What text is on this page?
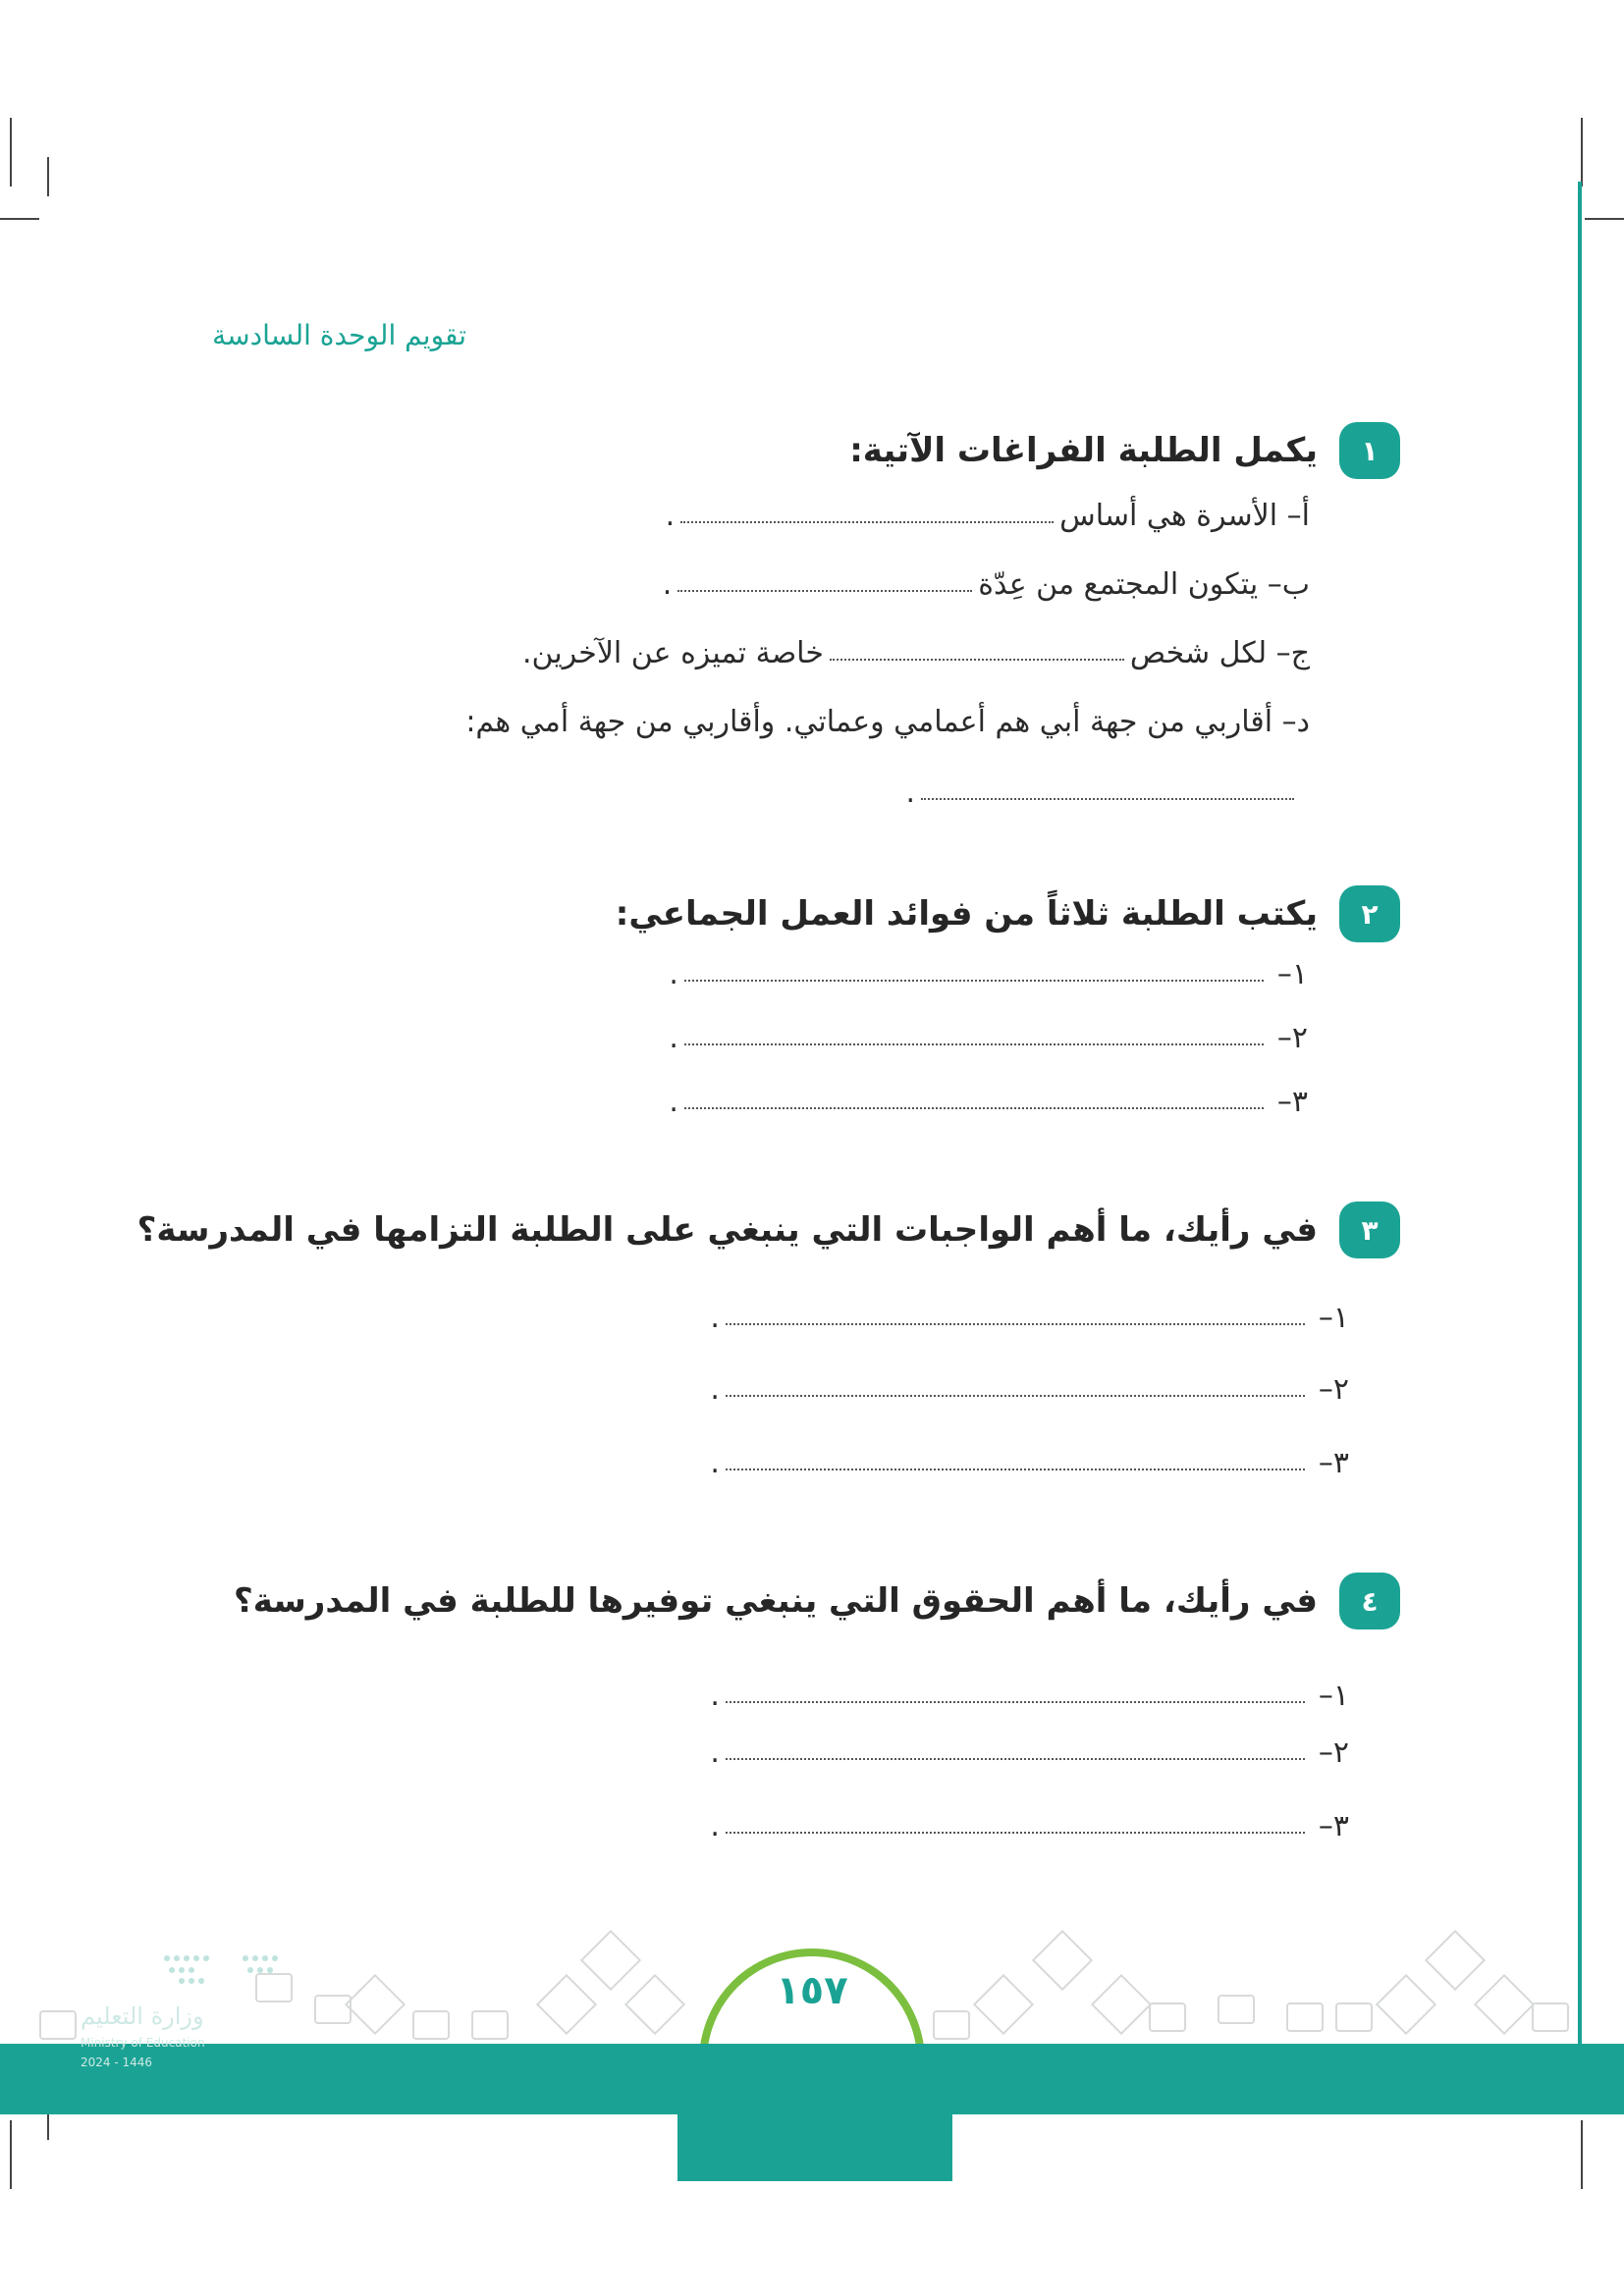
تقويم الوحدة السادسة
١
يكمل الطلبة الفراغات الآتية:
أ– الأسرة هي أساس
.
ب– يتكون المجتمع من عِدّة
.
ج– لكل شخص
خاصة تميزه عن الآخرين.
د– أقاربي من جهة أبي هم أعمامي وعماتي. وأقاربي من جهة أمي هم:
.
٢
يكتب الطلبة ثلاثاً من فوائد العمل الجماعي:
١–
.
٢–
.
٣–
.
٣
في رأيك، ما أهم الواجبات التي ينبغي على الطلبة التزامها في المدرسة؟
١–
.
٢–
.
٣–
.
٤
في رأيك، ما أهم الحقوق التي ينبغي توفيرها للطلبة في المدرسة؟
١–
.
٢–
.
٣–
.
وزارة التعليم
١٥٧
Ministry of Education
2024 - 1446
